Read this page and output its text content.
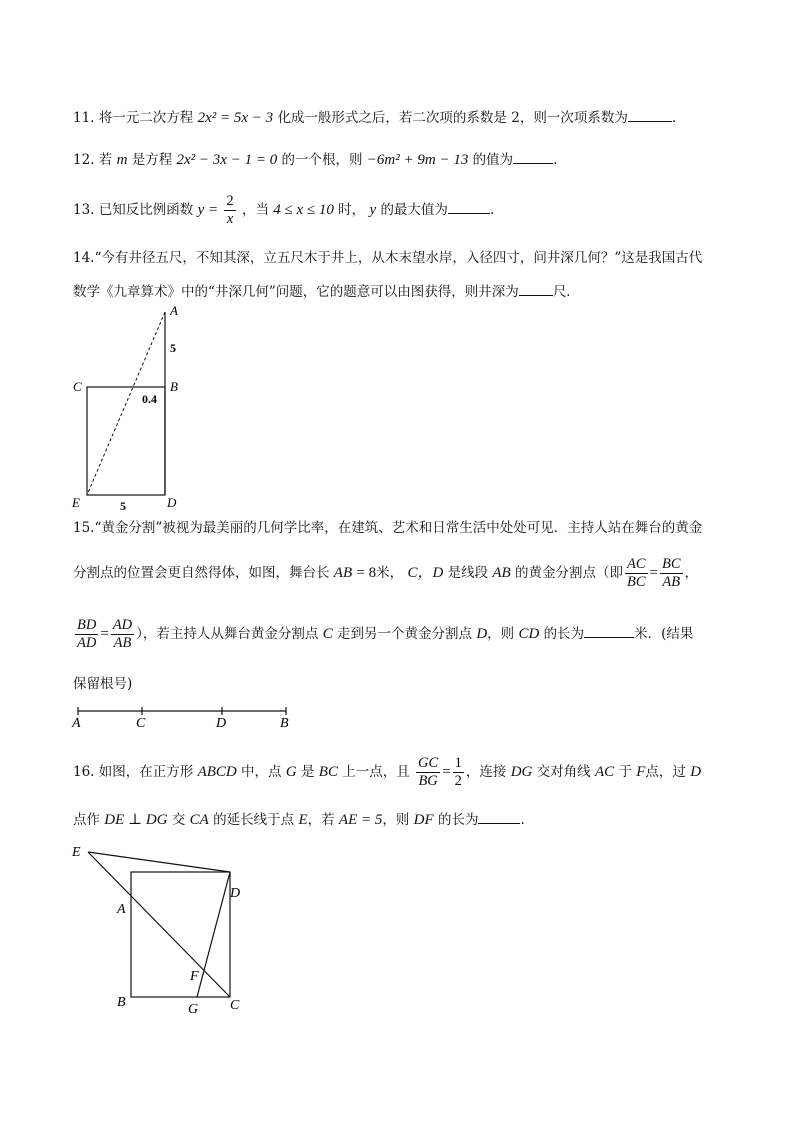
11. 将一元二次方程 2x² = 5x − 3 化成一般形式之后，若二次项的系数是 2，则一次项系数为	.
12. 若 m 是方程 2x² − 3x − 1 = 0 的一个根，则 −6m² + 9m − 13 的值为	.
13. 已知反比例函数 $y = \frac{2}{x}$ ，当 4 ≤ x ≤ 10 时， y 的最大值为	.
14.“今有井径五尺，不知其深，立五尺木于井上，从木末望水岸，入径四寸，问井深几何？”这是我国古代
数学《九章算术》中的“井深几何”问题，它的题意可以由图获得，则井深为	尺．
A
B
C
D
E
5
0.4
5
15.“黄金分割”被视为最美丽的几何学比率，在建筑、艺术和日常生活中处处可见．主持人站在舞台的黄金
分割点的位置会更自然得体，如图，舞台长 AB = 8米， C，D 是线段 AB 的黄金分割点（即 $\frac{AC}{BC} = \frac{BC}{AB}$ ，
$\frac{BD}{AD} = \frac{AD}{AB}$ ），若主持人从舞台黄金分割点 C 走到另一个黄金分割点 D，则 CD 的长为	米．(结果
保留根号)
A	C	D	B
16. 如图，在正方形 ABCD 中，点 G 是 BC 上一点，且 $\frac{GC}{BG} = \frac{1}{2}$ ，连接 DG 交对角线 AC 于 F点，过 D
点作 DE ⊥ DG 交 CA 的延长线于点 E，若 AE = 5，则 DF 的长为	.
E
A
D
F
B	G C
